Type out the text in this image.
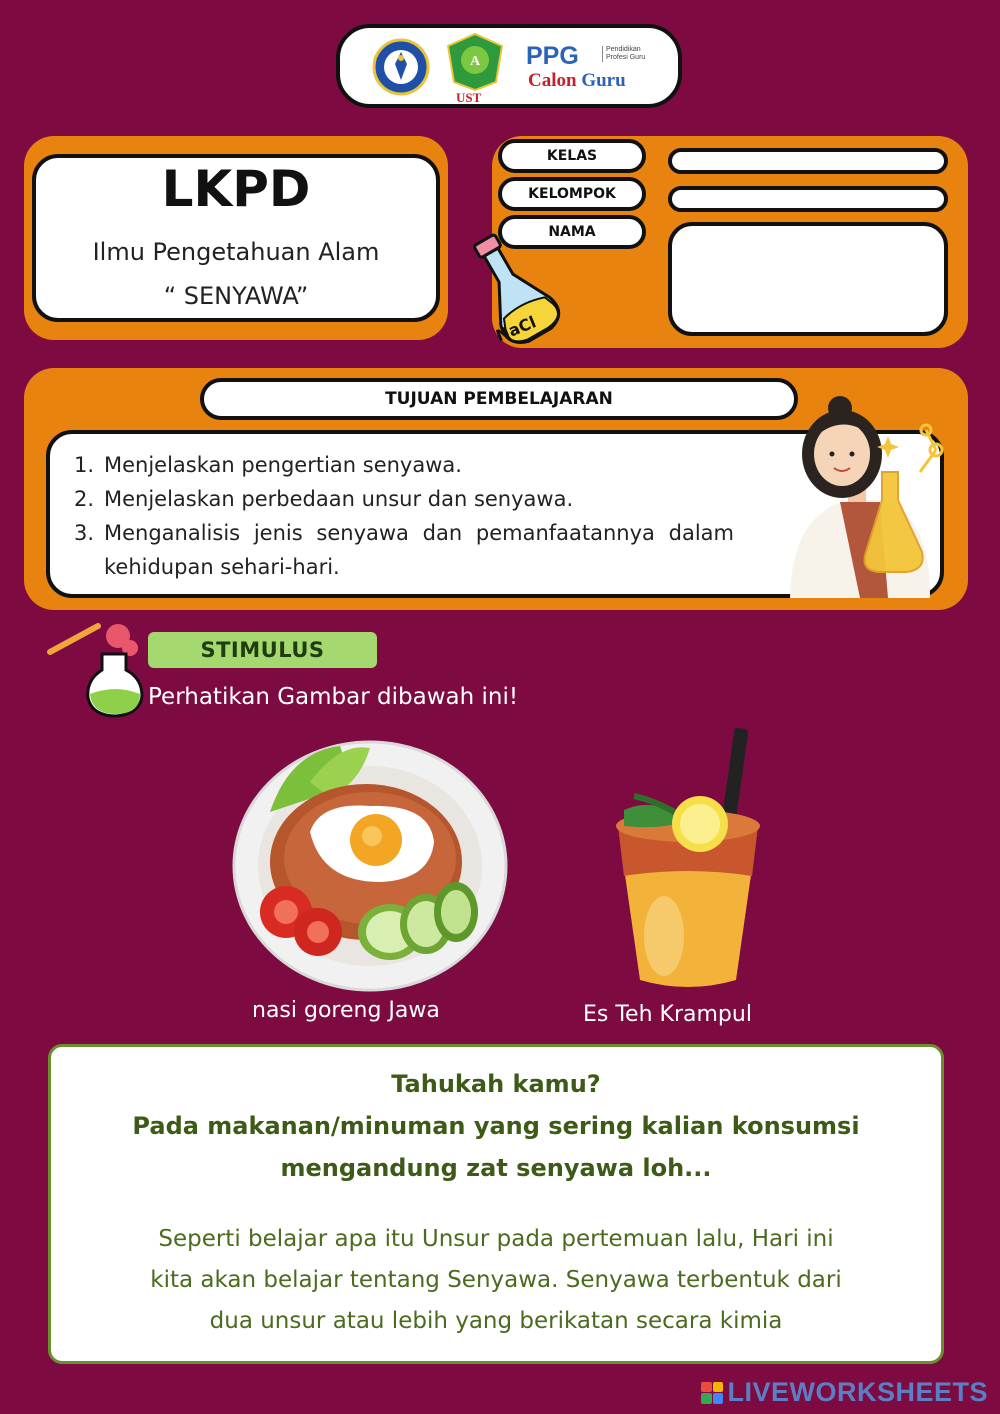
A
UST
PPG	Pendidikan Profesi Guru
Calon Guru
LKPD
Ilmu Pengetahuan Alam
“ SENYAWA”
KELAS
KELOMPOK
NAMA
NaCl
TUJUAN PEMBELAJARAN
1. Menjelaskan pengertian senyawa.
2. Menjelaskan perbedaan unsur dan senyawa.
3. Menganalisis jenis senyawa dan pemanfaatannya dalam kehidupan sehari-hari.
STIMULUS
Perhatikan Gambar dibawah ini!
nasi goreng Jawa	Es Teh Krampul
Tahukah kamu?
Pada makanan/minuman yang sering kalian konsumsi
mengandung zat senyawa loh...
Seperti belajar apa itu Unsur pada pertemuan lalu, Hari ini
kita akan belajar tentang Senyawa. Senyawa terbentuk dari
dua unsur atau lebih yang berikatan secara kimia
LIVEWORKSHEETS
